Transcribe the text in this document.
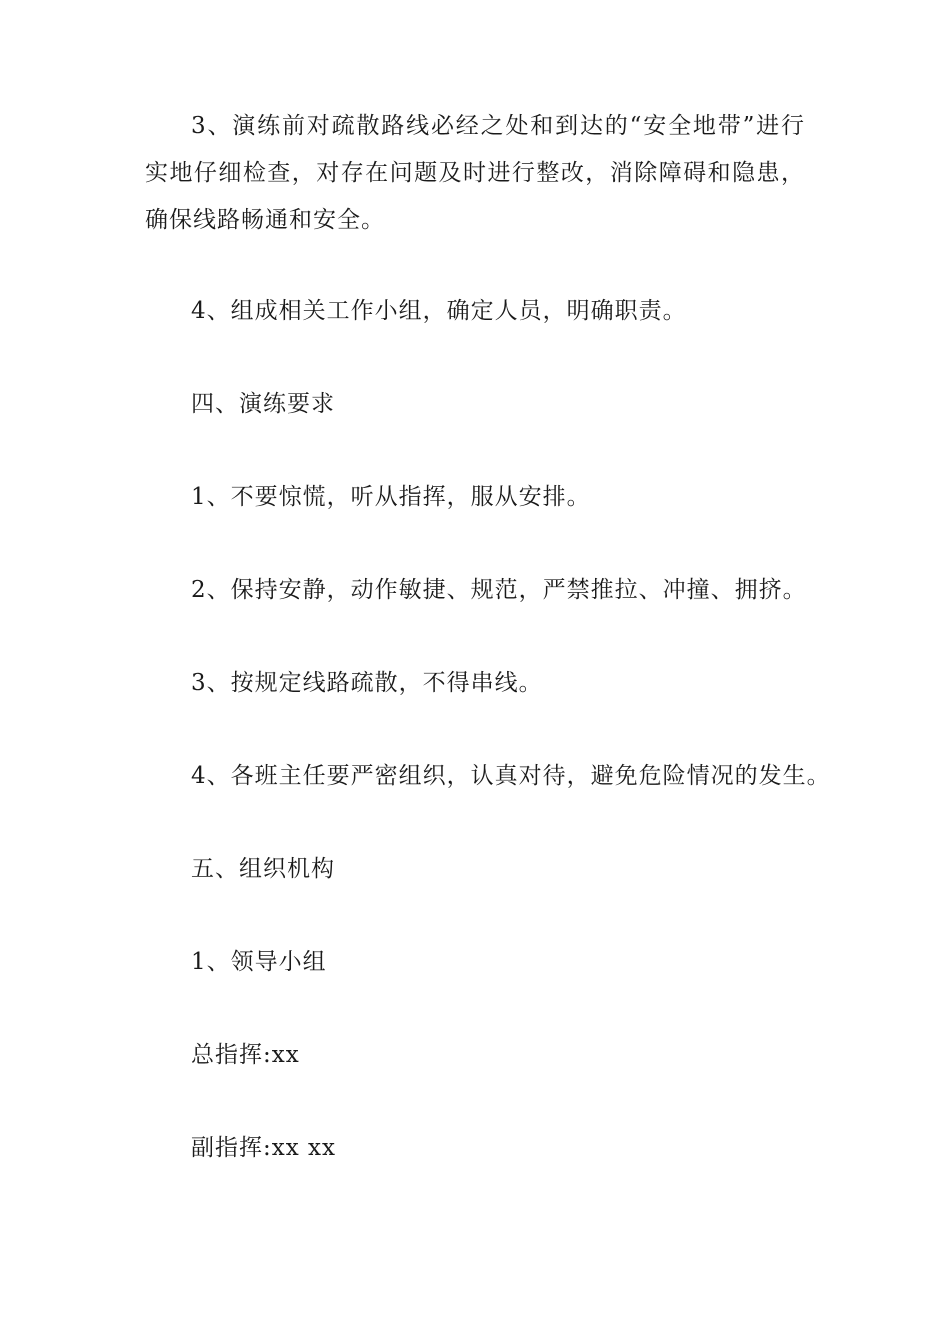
3、演练前对疏散路线必经之处和到达的“安全地带”进行实地仔细检查，对存在问题及时进行整改，消除障碍和隐患，确保线路畅通和安全。

4、组成相关工作小组，确定人员，明确职责。

四、演练要求

1、不要惊慌，听从指挥，服从安排。

2、保持安静，动作敏捷、规范，严禁推拉、冲撞、拥挤。

3、按规定线路疏散，不得串线。

4、各班主任要严密组织，认真对待，避免危险情况的发生。

五、组织机构

1、领导小组

总指挥:xx

副指挥:xx xx
